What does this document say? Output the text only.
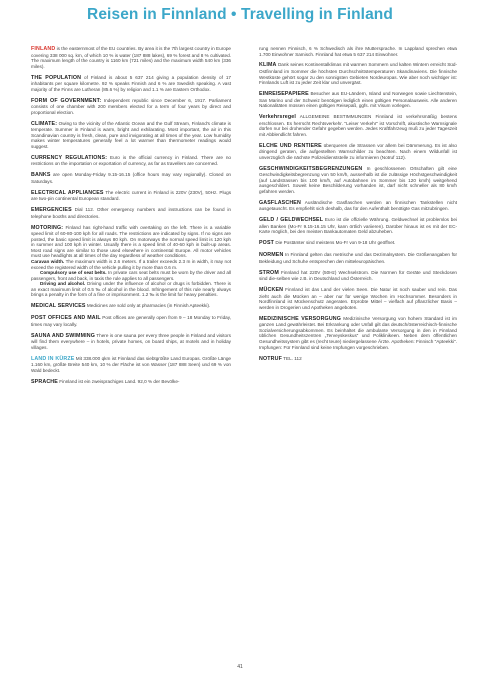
Reisen in Finnland • Travelling in Finland

FINLAND is the easternmost of the EU countries. By area it is the 7th largest country in Europe covering 338 000 sq. km, of which 10 % is water (187 888 lakes), 69 % forest and 8 % cultivated. The maximum length of the country is 1160 km (721 miles) and the maximum width 540 km (336 miles).

THE POPULATION of Finland is about 5 637 214 giving a population density of 17 inhabitants per square kilometre. 92 % speaks Finnish and 6 % are Swedish speaking. A vast majority of the Finns are Lutheran (85.6 %) by religion and 1.1 % are Eastern Orthodox.

FORM OF GOVERNMENT: Independent republic since December 6, 1917. Parliament consists of one chamber with 200 members elected for a term of four years by direct and proportional election.

CLIMATE: Owing to the vicinity of the Atlantic Ocean and the Gulf Stream, Finland's climate is temperate. Summer in Finland is warm, bright and exhilarating. Most important, the air in this Scandinavian country is fresh, clean, pure and invigorating at all times of the year. Low humidity makes winter temperatures generally feel a lot warmer than thermometer readings would suggest.

CURRENCY REGULATIONS: Euro is the official currency in Finland. There are no restrictions on the importation or exportation of currency, as far as travellers are concerned.

BANKS are open Monday-Friday 9.15-16.15 (office hours may vary regionally). Closed on Saturdays.

ELECTRICAL APPLIANCES The electric current in Finland is 220V (230V), 50Hz. Plugs are two-pin continental European standard.

EMERGENCIES Dial 112. Other emergency numbers and instructions can be found in telephone booths and directories.

MOTORING: Finland has right-hand traffic with overtaking on the left. There is a variable speed limit of 60-80-100 kph for all roads. The restrictions are indicated by signs. If no signs are posted, the basic speed limit is always 80 kph. On motorways the normal speed limit is 120 kph in summer and 100 kph in winter. Usually there is a speed limit of 40-60 kph in built-up areas. Most road signs are similar to those used elsewhere in continental Europe. All motor vehicles must use headlights at all times of the day regardless of weather conditions.

Caravan width. The maximum width is 2.6 meters. If a trailer exceeds 2.3 m in width, it may not exceed the registered width of the vehicle pulling it by more than 0.6 m.

Compulsory use of seat belts. In private cars seat belts must be worn by the driver and all passengers, front and back, in taxis the rule applies to all passengers.

Driving and alcohol. Driving under the influence of alcohol or drugs is forbidden. There is an exact maximum limit of 0.5 ‰ of alcohol in the blood. Infringement of this rule nearly always brings a penalty in the form of a fine or imprisonment. 1.2 ‰ is the limit for heavy penalties.

MEDICAL SERVICES Medicines are sold only at pharmacies (in Finnish Apteekki).

POST OFFICES AND MAIL Post offices are generally open from 9 – 18 Monday to Friday, times may vary locally.

SAUNA AND SWIMMING There is one sauna per every three people in Finland and visitors will find them everywhere – in hotels, private homes, on board ships, at motels and in holiday villages.

LAND IN KÜRZE Mit 338.000 qkm ist Finnland das siebtgrößte Land Europas. Größte Länge 1.160 km, größte Breite 540 km, 10 % der Fläche ist von Wasser (187 888 Seen) und 69 % von Wald bedeckt.

SPRACHE Finnland ist ein zweisprachiges Land. 92,0 % der Bevölke-

rung nennen Finnisch, 6 % Schwedisch als ihre Muttersprache. In Lappland sprechen etwa 1.700 Einwohner Samisch. Finnland hat etwa 5 637 214 Einwohner.

KLIMA Dank seines Kontinentalklimas mit warmen Sommern und kalten Wintern erreicht Süd-Ostfinnland im Sommer die höchsten Durchschnittstemperaturen Skandinaviens. Die finnische Westküste gehört sogar zu den sonnigsten Gebieten Nordeuropas. Wie aber noch wichtiger ist: Finnlands Luft ist zu jeder Zeit klar und unvergäst.

EINREISEPAPIERE Besucher aus EU-Ländern, Island und Norwegen sowie Liechtenstein, San Marino und der Schweiz benötigen lediglich einen gültigen Personalausweis. Alle anderen Nationalitäten müssen einen gültigen Reisepaß, ggfs. mit Visum vorlegen.

Verkehrsregel ALLGEMEINE BESTIMMUNGEN Finnland ist verkehrsmäßig bestens erschlossen. Es herrscht Rechtsverkehr. "Leiser Verkehr" ist Vorschrift, akustische Warnsignale dürfen nur bei drohender Gefahr gegeben werden. Jedes Kraftfahrzeug muß zu jeder Tageszeit mit Abblendlicht fahren.

ELCHE UND RENTIERE überqueren die Strassen vor allem bei Dämmerung. Es ist also dringend geraten, die aufgestellten Warnschilder zu beachten. Nach einem Wildunfall ist unverzüglich die nächste Polizeidienststelle zu informieren (Notruf 112).

GESCHWINDIGKEITSBEGRENZUNGEN In geschlossenen Ortschaften gilt eine Geschwindigkeitsbegrenzung von 50 km/h, ausserhalb ist die zulässige Höchstgeschwindigkeit (auf Landstrassen bis 100 km/h, auf Autobahnen im Sommer bis 120 km/h) weitgehend ausgeschildert. Soweit keine Beschilderung vorhanden ist, darf nicht schneller als 80 km/h gefahren werden.

GASFLASCHEN Ausländische Gasflaschen werden an finnischen Tankstellen nicht ausgetauscht. Es empfiehlt sich deshalb, das für den Aufenthalt benötigte Gas mitzubringen.

GELD / GELDWECHSEL Euro ist die offizielle Währung. Geldwechsel ist problemlos bei allen Banken (Mo-Fr 9.15-16.15 Uhr, kann örtlich variieren). Darüber hinaus ist es mit der EC-Karte möglich, bei den meisten Bankautomaten Geld abzuheben.

POST Die Postämter sind meistens Mo-Fr von 9-18 Uhr geöffnet.

NORMEN In Finnland gelten das metrische und das Dezimalsystem. Die Größenangaben für Bekleidung und Schuhe entsprechen den mitteleuropäischen.

STROM Finnland hat 220V (50Hz) Wechselstrom. Die Normen für Geräte und Steckdosen sind die-selben wie z.B. in Deutschland und Österreich.

MÜCKEN Finnland ist das Land der vielen Seen. Die Natur ist noch sauber und rein. Das zieht auch die Mücken an – aber nur für wenige Wochen im Hochsommer. Besonders in Nordfinnland ist Mückenschutz angeraten. Erprobte Mittel – vielfach auf pflanzlicher Basis – werden in Drogerien und Apotheken angeboten.

MEDIZINISCHE VERSORGUNG Medizinische Versorgung von hohem Standard ist im ganzen Land gewährleistet. Bei Erkrankung oder Unfall gilt das deutsch/österreichisch-finnische Sozialversicherungsabkommen. Es beinhaltet die ambulante Versorgung in den in Finnland üblichen Gesundheitszentren „Terveyskeskus“ und Poliklinikeen. Neben dem öffentlichen Gesundheitssystem gibt es (recht teure) niedergelassene Ärzte. Apotheken: Finnisch "Apteekki". Impfungen: Für Finnland sind keine Impfungen vorgeschrieben.

NOTRUF TEL. 112

41
